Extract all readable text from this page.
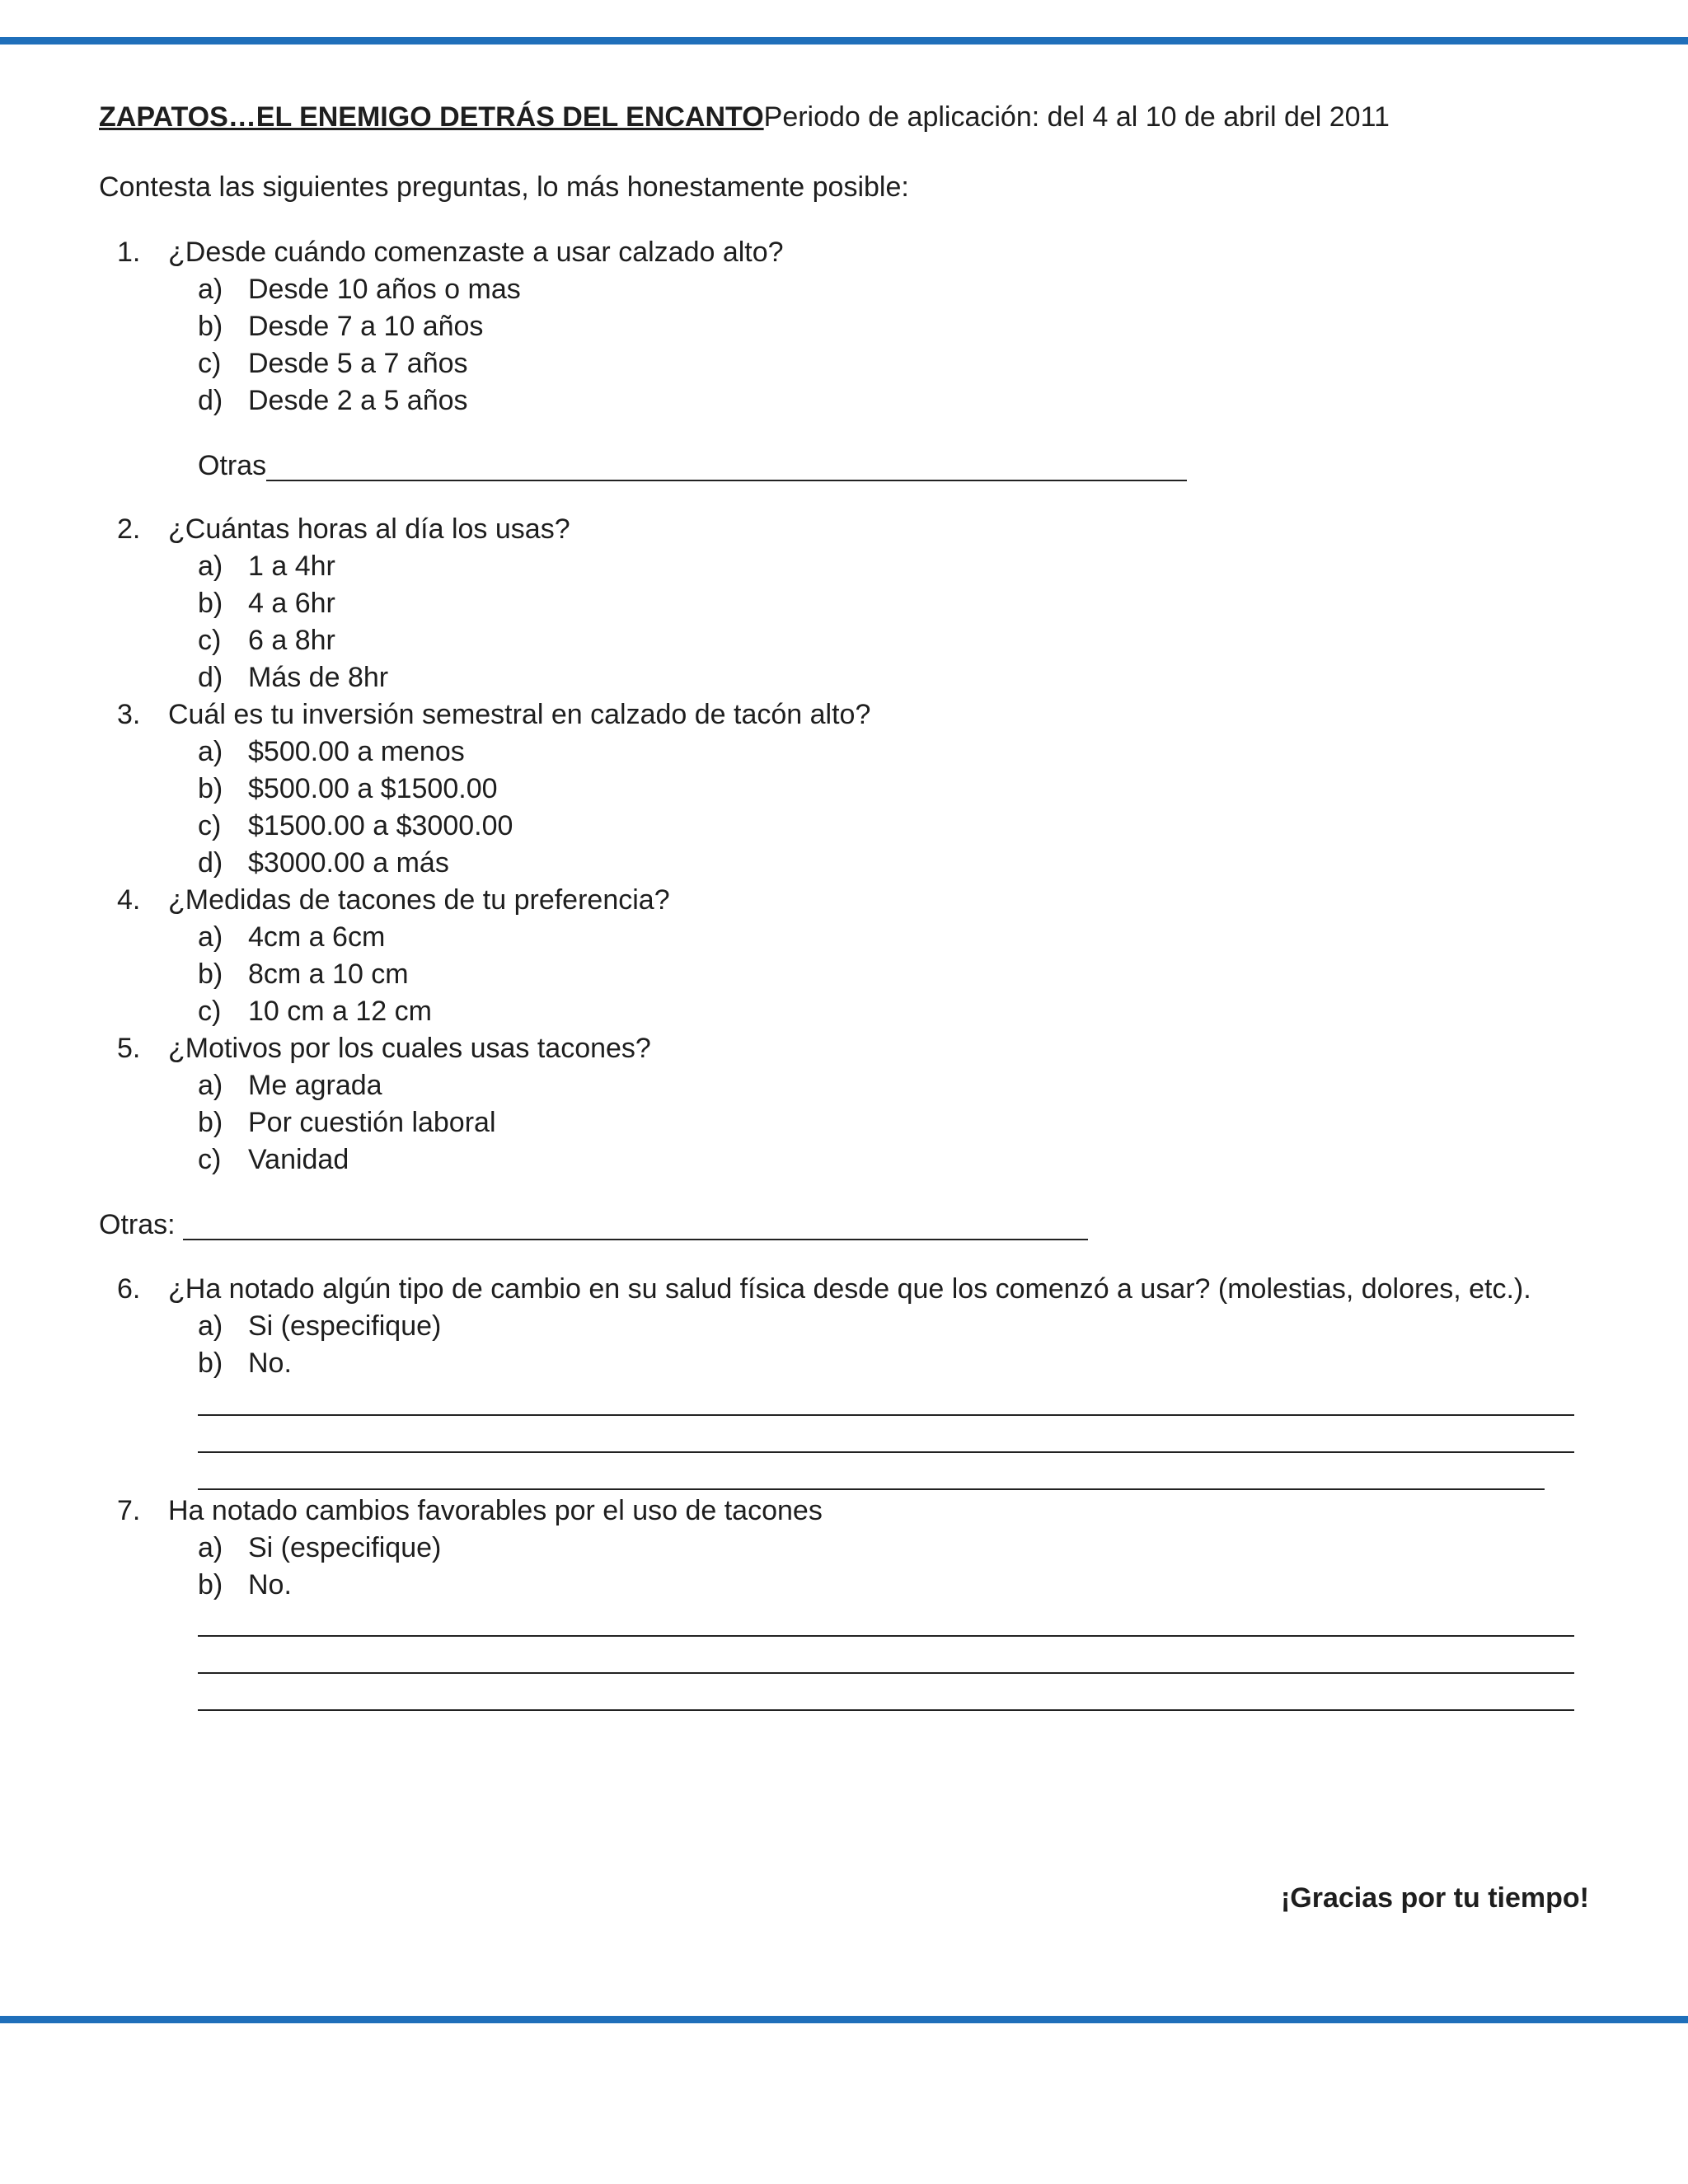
ZAPATOS…EL ENEMIGO DETRÁS DEL ENCANTOPeriodo de aplicación: del 4 al 10 de abril del 2011
Contesta las siguientes preguntas, lo más honestamente posible:
1. ¿Desde cuándo comenzaste a usar calzado alto?
a) Desde 10 años o mas
b) Desde 7 a 10 años
c) Desde 5 a 7 años
d) Desde 2 a 5 años
Otras
2. ¿Cuántas horas al día los usas?
a) 1 a 4hr
b) 4 a 6hr
c) 6 a 8hr
d) Más de 8hr
3. Cuál es tu inversión semestral en calzado de tacón alto?
a) $500.00 a menos
b) $500.00 a $1500.00
c) $1500.00 a $3000.00
d) $3000.00 a más
4. ¿Medidas de tacones de tu preferencia?
a) 4cm a 6cm
b) 8cm a 10 cm
c) 10 cm a 12 cm
5. ¿Motivos por los cuales usas tacones?
a) Me agrada
b) Por cuestión laboral
c) Vanidad
Otras:
6. ¿Ha notado algún tipo de cambio en su salud física desde que los comenzó a usar? (molestias, dolores, etc.).
a) Si (especifique)
b) No.
7. Ha notado cambios favorables por el uso de tacones
a) Si (especifique)
b) No.
¡Gracias por tu tiempo!
